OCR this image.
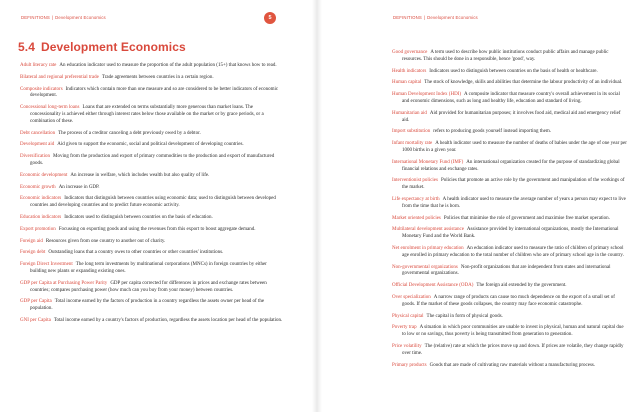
DEFINITIONS | Development Economics	5
5.4 Development Economics

Adult literacy rate An education indicator used to measure the proportion of the adult population (15+) that knows how to read.

Bilateral and regional preferential trade Trade agreements between countries in a certain region.

Composite indicators Indicators which contain more than one measure and so are considered to be better indicators of economic development.

Concessional long-term loans Loans that are extended on terms substantially more generous than market loans. The concessionality is achieved either through interest rates below those available on the market or by grace periods, or a combination of these.

Debt cancellation The process of a creditor canceling a debt previously owed by a debtor.

Development aid Aid given to support the economic, social and political development of developing countries.

Diversification Moving from the production and export of primary commodities to the production and export of manufactured goods.

Economic development An increase in welfare, which includes wealth but also quality of life.

Economic growth An increase in GDP.

Economic indicators Indicators that distinguish between countries using economic data; used to distinguish between developed countries and developing countries and to predict future economic activity.

Education indicators Indicators used to distinguish between countries on the basis of education.

Export promotion Focussing on exporting goods and using the revenues from this export to boost aggregate demand.

Foreign aid Resources given from one country to another out of charity.

Foreign debt Outstanding loans that a country owes to other countries or other countries' institutions.

Foreign Direct Investment The long term investments by multinational corporations (MNCs) in foreign countries by either building new plants or expanding existing ones.

GDP per Capita at Purchasing Power Parity GDP per capita corrected for differences in prices and exchange rates between countries; compares purchasing power (how much can you buy from your money) between countries.

GDP per Capita Total income earned by the factors of production in a country regardless the assets owner per head of the population.

GNI per Capita Total income earned by a country's factors of production, regardless the assets location per head of the population.

DEFINITIONS | Development Economics

Good governance A term used to describe how public institutions conduct public affairs and manage public resources. This should be done in a responsible, hence 'good', way.

Health indicators Indicators used to distinguish between countries on the basis of health or healthcare.

Human capital The stock of knowledge, skills and abilities that determine the labour productivity of an individual.

Human Development Index (HDI) A composite indicator that measure country's overall achievement in its social and economic dimensions, such as long and healthy life, education and standard of living.

Humanitarian aid Aid provided for humanitarian purposes; it involves food aid, medical aid and emergency relief aid.

Import substitution refers to producing goods yourself instead importing them.

Infant mortality rate A health indicator used to measure the number of deaths of babies under the age of one year per 1000 births in a given year.

International Monetary Fund (IMF) An international organization created for the purpose of standardizing global financial relations and exchange rates.

Interventionist policies Policies that promote an active role by the government and manipulation of the workings of the market.

Life expectancy at birth A health indicator used to measure the average number of years a person may expect to live from the time that he is born.

Market oriented policies Policies that minimise the role of government and maximise free market operation.

Multilateral development assistance Assistance provided by international organizations, mostly the International Monetary Fund and the World Bank.

Net enrolment in primary education An education indicator used to measure the ratio of children of primary school age enrolled in primary education to the total number of children who are of primary school age in the country.

Non-governmental organizations Non-profit organizations that are independent from states and international governmental organizations.

Official Development Assistance (ODA) The foreign aid extended by the government.

Over specialization A narrow range of products can cause too much dependence on the export of a small set of goods. If the market of these goods collapses, the country may face economic catastrophe.

Physical capital The capital in form of physical goods.

Poverty trap A situation in which poor communities are unable to invest in physical, human and natural capital due to low or no savings, thus poverty is being transmitted from generation to generation.

Price volatility The (relative) rate at which the prices move up and down. If prices are volatile, they change rapidly over time.

Primary products Goods that are made of cultivating raw materials without a manufacturing process.
